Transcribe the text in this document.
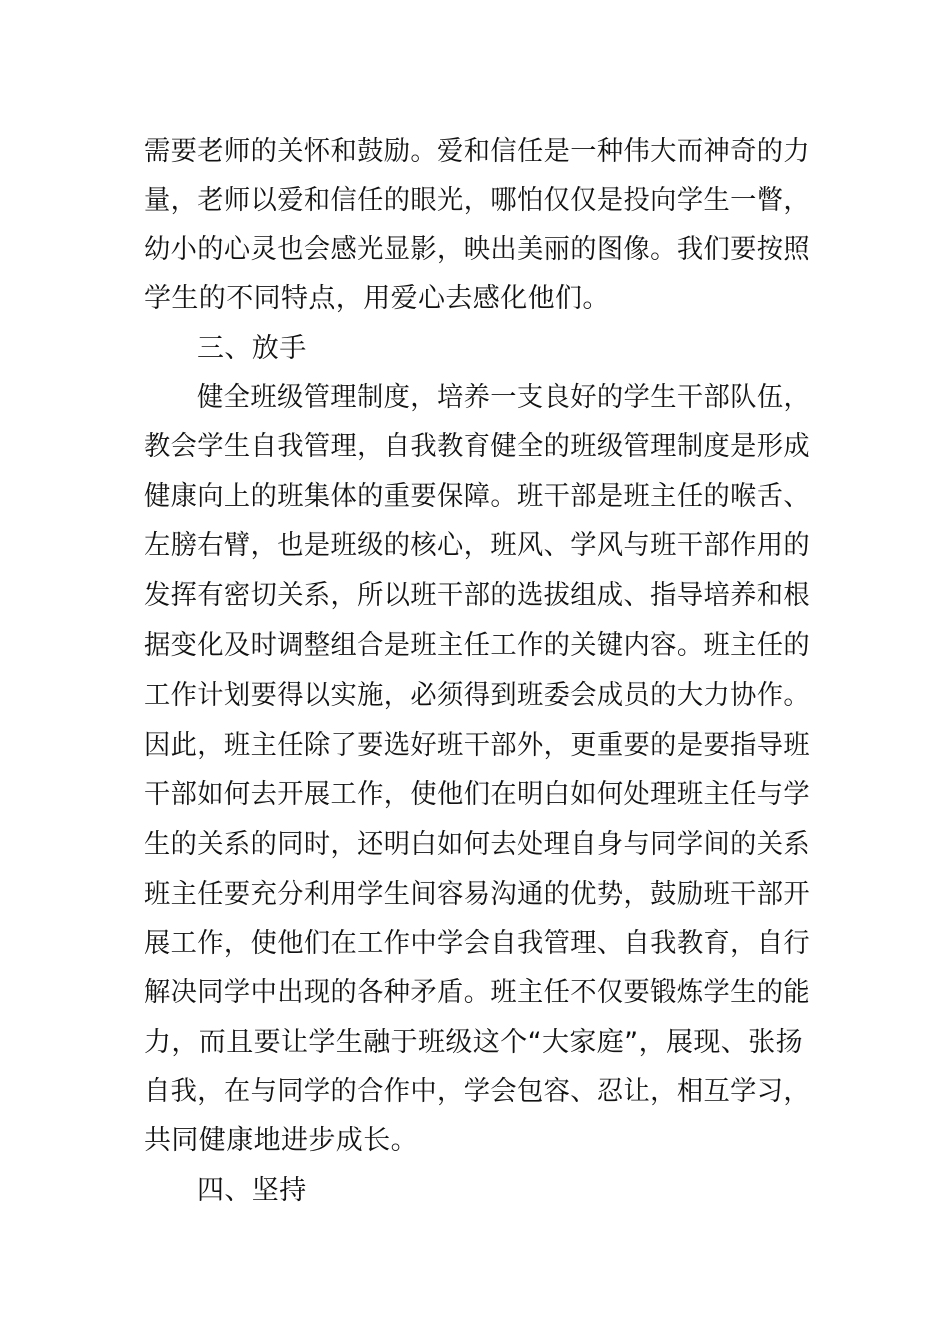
需要老师的关怀和鼓励。爱和信任是一种伟大而神奇的力
量，老师以爱和信任的眼光，哪怕仅仅是投向学生一瞥，
幼小的心灵也会感光显影，映出美丽的图像。我们要按照
学生的不同特点，用爱心去感化他们。
三、放手
健全班级管理制度，培养一支良好的学生干部队伍，
教会学生自我管理，自我教育健全的班级管理制度是形成
健康向上的班集体的重要保障。班干部是班主任的喉舌、
左膀右臂，也是班级的核心，班风、学风与班干部作用的
发挥有密切关系，所以班干部的选拔组成、指导培养和根
据变化及时调整组合是班主任工作的关键内容。班主任的
工作计划要得以实施，必须得到班委会成员的大力协作。
因此，班主任除了要选好班干部外，更重要的是要指导班
干部如何去开展工作，使他们在明白如何处理班主任与学
生的关系的同时，还明白如何去处理自身与同学间的关系
班主任要充分利用学生间容易沟通的优势，鼓励班干部开
展工作，使他们在工作中学会自我管理、自我教育，自行
解决同学中出现的各种矛盾。班主任不仅要锻炼学生的能
力，而且要让学生融于班级这个“大家庭”，展现、张扬
自我，在与同学的合作中，学会包容、忍让，相互学习，
共同健康地进步成长。
四、坚持
